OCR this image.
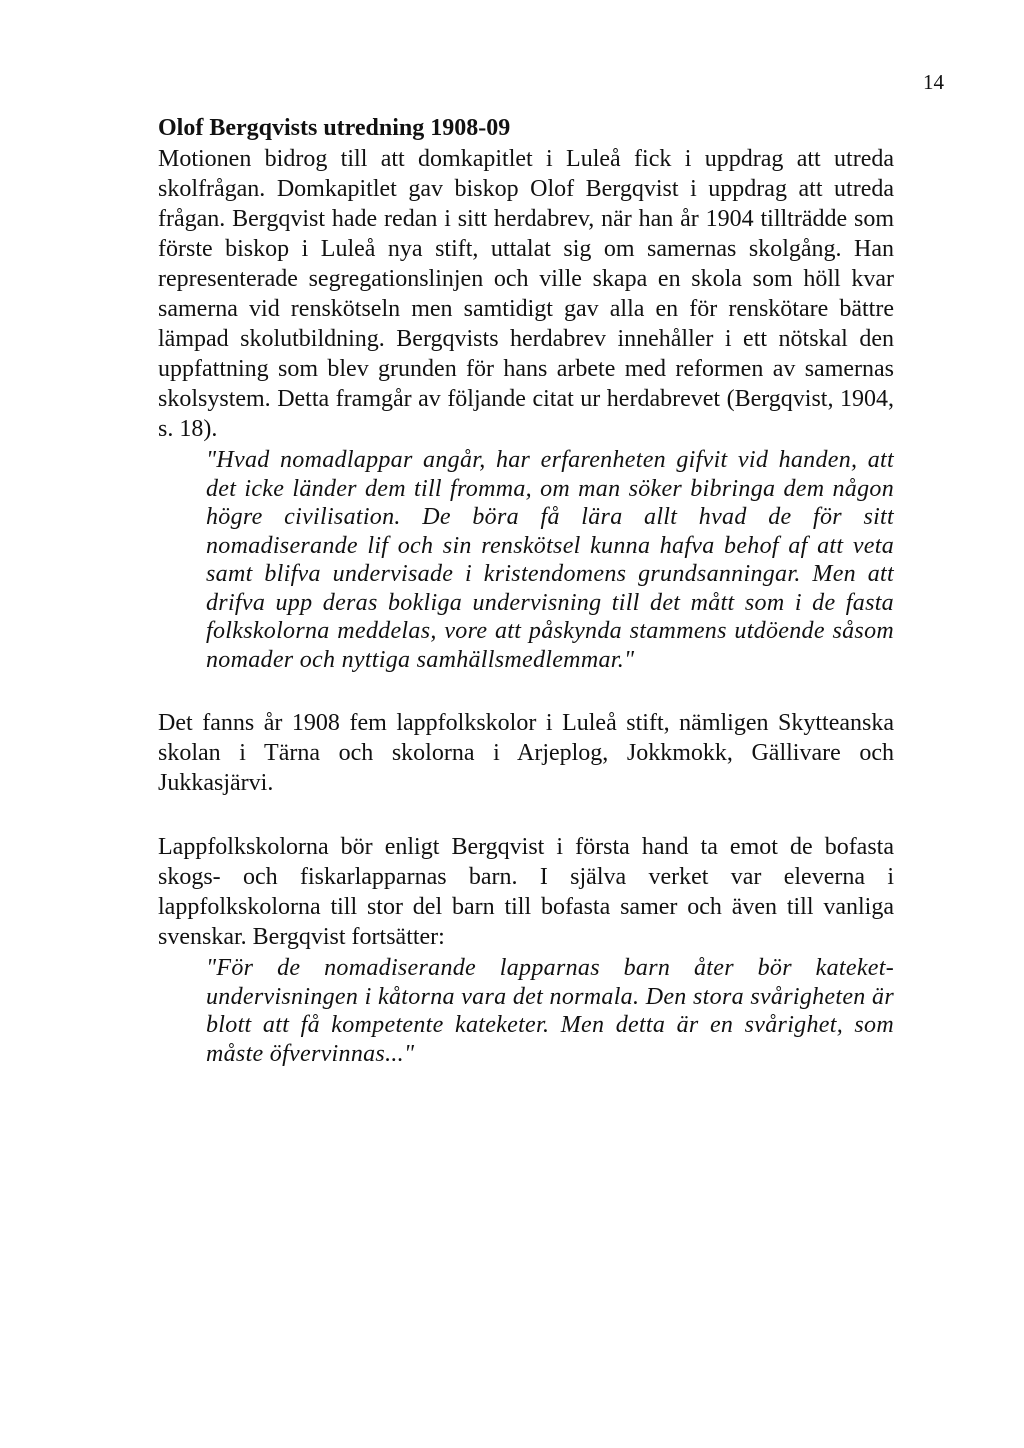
14

Olof Bergqvists utredning 1908-09

Motionen bidrog till att domkapitlet i Luleå fick i uppdrag att utreda skolfrågan. Domkapitlet gav biskop Olof Bergqvist i uppdrag att utreda frågan. Bergqvist hade redan i sitt herdabrev, när han år 1904 tillträdde som förste biskop i Luleå nya stift, uttalat sig om samernas skolgång. Han representerade segregationslinjen och ville skapa en skola som höll kvar samerna vid renskötseln men samtidigt gav alla en för renskötare bättre lämpad skolutbildning. Bergqvists herdabrev innehåller i ett nötskal den uppfattning som blev grunden för hans arbete med reformen av samernas skolsystem. Detta framgår av följande citat ur herdabrevet (Bergqvist, 1904, s. 18).

"Hvad nomadlappar angår, har erfarenheten gifvit vid handen, att det icke länder dem till fromma, om man söker bibringa dem någon högre civilisation. De böra få lära allt hvad de för sitt nomadiserande lif och sin renskötsel kunna hafva behof af att veta samt blifva undervisade i kristendomens grundsanningar. Men att drifva upp deras bokliga undervisning till det mått som i de fasta folkskolorna meddelas, vore att påskynda stammens utdöende såsom nomader och nyttiga samhällsmedlemmar."

Det fanns år 1908 fem lappfolkskolor i Luleå stift, nämligen Skytteanska skolan i Tärna och skolorna i Arjeplog, Jokkmokk, Gällivare och Jukkasjärvi.

Lappfolkskolorna bör enligt Bergqvist i första hand ta emot de bofasta skogs- och fiskarlapparnas barn. I själva verket var eleverna i lappfolkskolorna till stor del barn till bofasta samer och även till vanliga svenskar. Bergqvist fortsätter:

"För de nomadiserande lapparnas barn åter bör kateket-undervisningen i kåtorna vara det normala. Den stora svårigheten är blott att få kompetente kateketer. Men detta är en svårighet, som måste öfvervinnas..."
